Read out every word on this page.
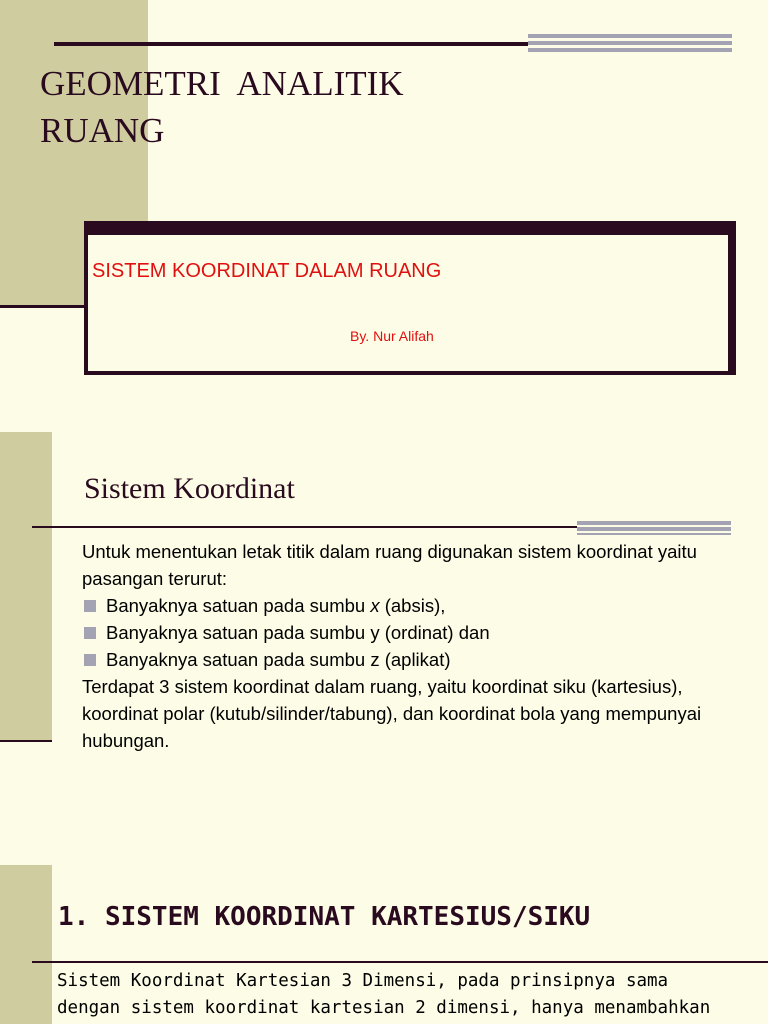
GEOMETRI  ANALITIK
RUANG
SISTEM KOORDINAT DALAM RUANG
By. Nur Alifah
Sistem Koordinat
Untuk menentukan letak titik dalam ruang digunakan sistem koordinat yaitu pasangan terurut:
Banyaknya satuan pada sumbu x (absis),
Banyaknya satuan pada sumbu y (ordinat) dan
Banyaknya satuan pada sumbu z (aplikat)
Terdapat 3 sistem koordinat dalam ruang, yaitu koordinat siku (kartesius), koordinat polar (kutub/silinder/tabung), dan koordinat bola yang mempunyai hubungan.
1. SISTEM KOORDINAT KARTESIUS/SIKU
Sistem Koordinat Kartesian 3 Dimensi, pada prinsipnya sama
dengan sistem koordinat kartesian 2 dimensi, hanya menambahkan
